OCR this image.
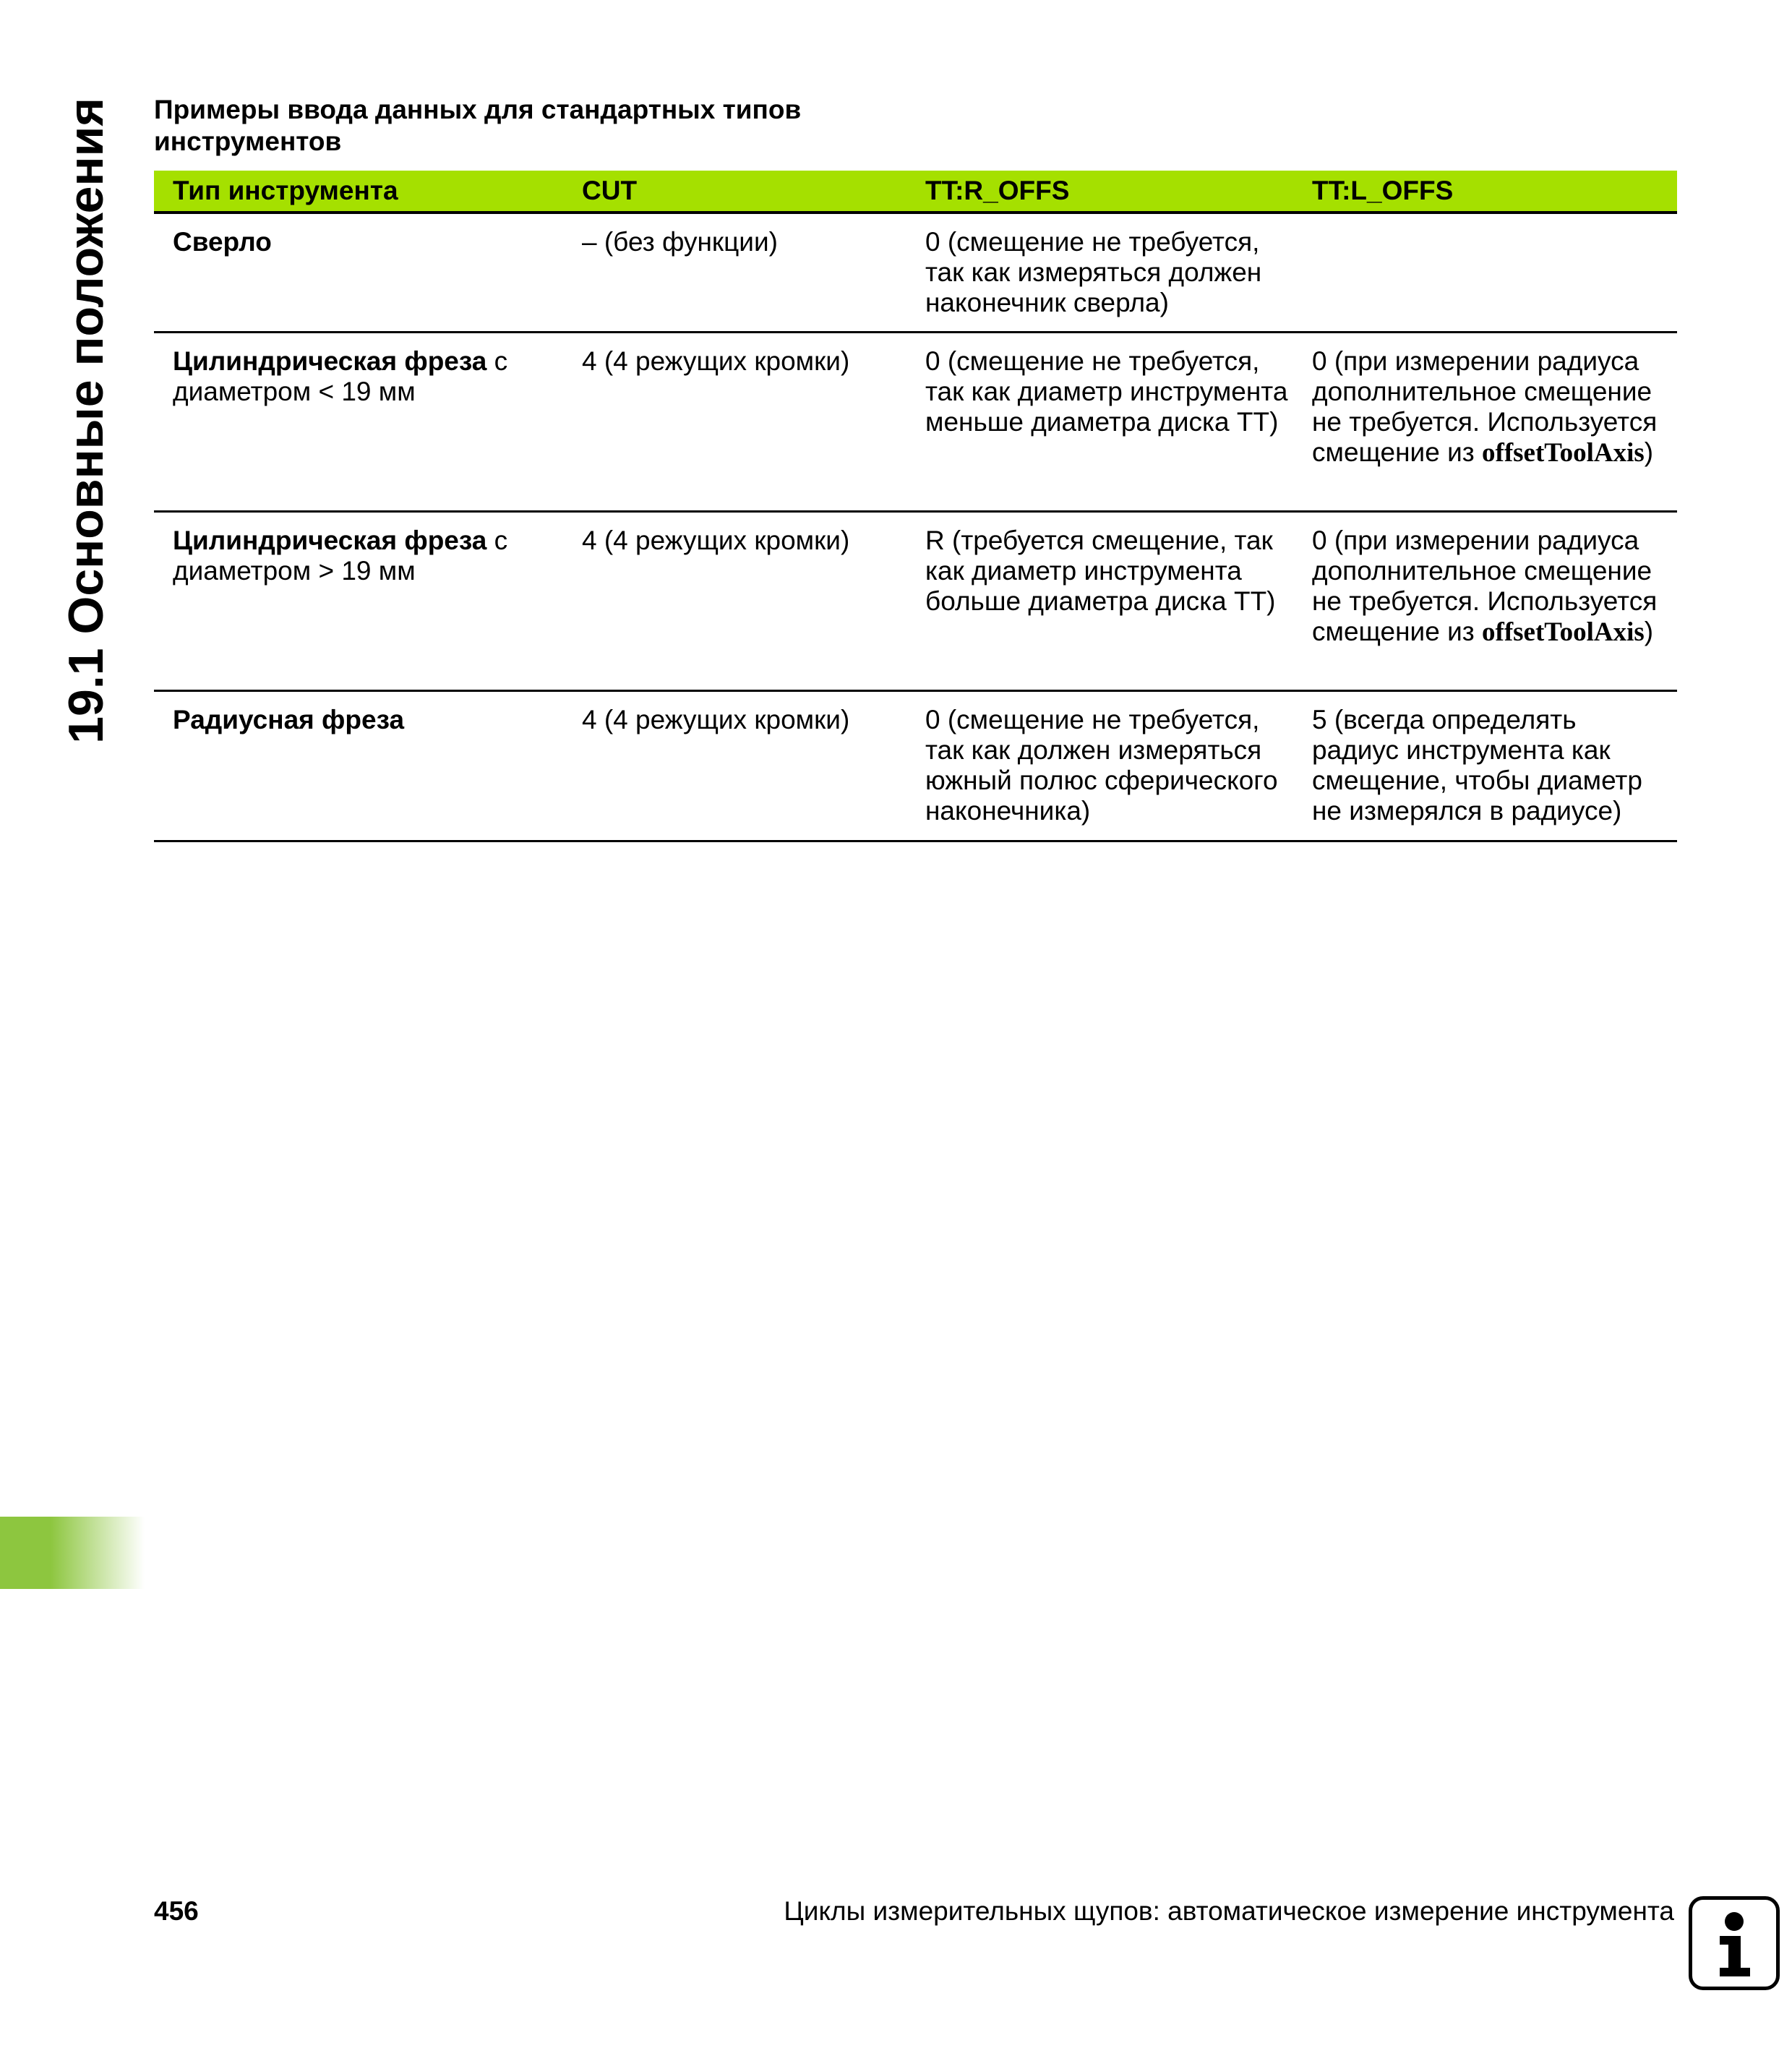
19.1 Основные положения Примеры ввода данных для стандартных типов инструментов
Тип инструмента	CUT	TT:R_OFFS	TT:L_OFFS
Сверло	– (без функции)	0 (смещение не требуется, так как измеряться должен наконечник сверла)	
Цилиндрическая фреза с диаметром < 19 мм	4 (4 режущих кромки)	0 (смещение не требуется, так как диаметр инструмента меньше диаметра диска TT)	0 (при измерении радиуса дополнительное смещение не требуется. Используется смещение из offsetToolAxis)
Цилиндрическая фреза с диаметром > 19 мм	4 (4 режущих кромки)	R (требуется смещение, так как диаметр инструмента больше диаметра диска TT)	0 (при измерении радиуса дополнительное смещение не требуется. Используется смещение из offsetToolAxis)
Радиусная фреза	4 (4 режущих кромки)	0 (смещение не требуется, так как должен измеряться южный полюс сферического наконечника)	5 (всегда определять радиус инструмента как смещение, чтобы диаметр не измерялся в радиусе)
456	Циклы измерительных щупов: автоматическое измерение инструмента
